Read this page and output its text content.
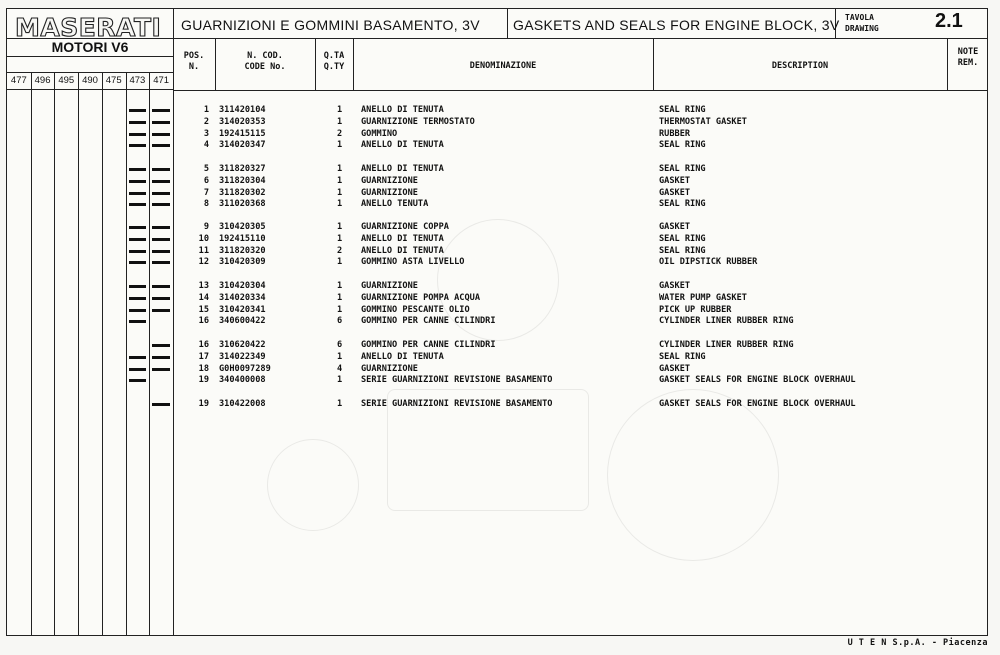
MASERATI	GUARNIZIONI E GOMMINI BASAMENTO, 3V GASKETS AND SEALS FOR ENGINE BLOCK, 3V TAVOLA
DRAWING	2.1
MOTORI V6
477 496 495 490 475 473 471
POS.
N.
N. COD.
CODE No.
Q.TA
Q.TY	DENOMINAZIONE	DESCRIPTION
NOTE
REM.
1 311420104	1 ANELLO DI TENUTA	SEAL RING
2 314020353	1 GUARNIZIONE TERMOSTATO	THERMOSTAT GASKET
3 192415115	2 GOMMINO	RUBBER
4 314020347	1 ANELLO DI TENUTA	SEAL RING
5 311820327	1 ANELLO DI TENUTA	SEAL RING
6 311820304	1 GUARNIZIONE	GASKET
7 311820302	1 GUARNIZIONE	GASKET
8 311020368	1 ANELLO TENUTA	SEAL RING
9 310420305	1 GUARNIZIONE COPPA	GASKET
10 192415110	1 ANELLO DI TENUTA	SEAL RING
11 311820320	2 ANELLO DI TENUTA	SEAL RING
12 310420309	1 GOMMINO ASTA LIVELLO	OIL DIPSTICK RUBBER
13 310420304	1 GUARNIZIONE	GASKET
14 314020334	1 GUARNIZIONE POMPA ACQUA	WATER PUMP GASKET
15 310420341	1 GOMMINO PESCANTE OLIO	PICK UP RUBBER
16 340600422	6 GOMMINO PER CANNE CILINDRI	CYLINDER LINER RUBBER RING
16 310620422	6 GOMMINO PER CANNE CILINDRI	CYLINDER LINER RUBBER RING
17 314022349	1 ANELLO DI TENUTA	SEAL RING
18 G0H0097289	4 GUARNIZIONE	GASKET
19 340400008	1 SERIE GUARNIZIONI REVISIONE BASAMENTO	GASKET SEALS FOR ENGINE BLOCK OVERHAUL
19 310422008	1 SERIE GUARNIZIONI REVISIONE BASAMENTO	GASKET SEALS FOR ENGINE BLOCK OVERHAUL
U T E N S.p.A. - Piacenza
